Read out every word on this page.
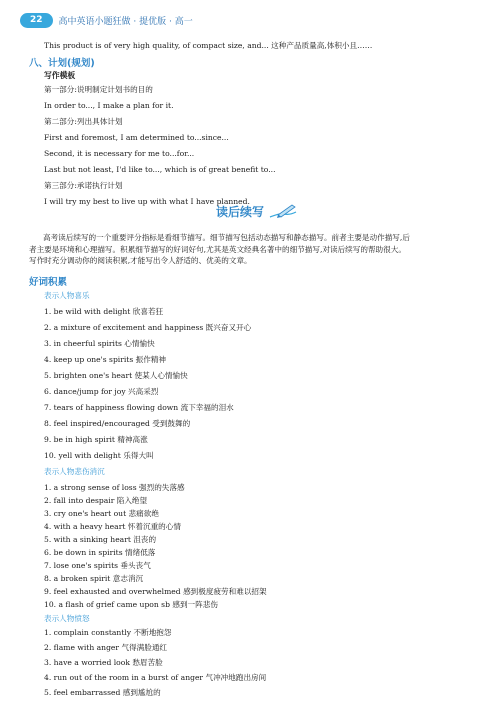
22	高中英语小题狂做 · 提优版 · 高一
This product is of very high quality, of compact size, and... 这种产品质量高,体积小且……
八、计划(规划)
写作模板
第一部分:说明制定计划书的目的
In order to..., I make a plan for it.
第二部分:列出具体计划
First and foremost, I am determined to...since...
Second, it is necessary for me to...for...
Last but not least, I'd like to..., which is of great benefit to...
第三部分:承诺执行计划
I will try my best to live up with what I have planned.
读后续写
高考读后续写的一个重要评分指标是看细节描写。细节描写包括动态描写和静态描写。前者主要是动作描写,后
者主要是环境和心理描写。积累细节描写的好词好句,尤其是英文经典名著中的细节描写,对读后续写的帮助很大。
写作时充分调动你的阅读积累,才能写出令人舒适的、优美的文章。
好词积累
表示人物喜乐
1. be wild with delight 欣喜若狂
2. a mixture of excitement and happiness 既兴奋又开心
3. in cheerful spirits 心情愉快
4. keep up one's spirits 振作精神
5. brighten one's heart 使某人心情愉快
6. dance/jump for joy 兴高采烈
7. tears of happiness flowing down 流下幸福的泪水
8. feel inspired/encouraged 受到鼓舞的
9. be in high spirit 精神高涨
10. yell with delight 乐得大叫
表示人物悲伤消沉
1. a strong sense of loss 强烈的失落感
2. fall into despair 陷入绝望
3. cry one's heart out 悲痛欲绝
4. with a heavy heart 怀着沉重的心情
5. with a sinking heart 沮丧的
6. be down in spirits 情绪低落
7. lose one's spirits 垂头丧气
8. a broken spirit 意志消沉
9. feel exhausted and overwhelmed 感到极度疲劳和难以招架
10. a flash of grief came upon sb 感到一阵悲伤
表示人物愤怒
1. complain constantly 不断地抱怨
2. flame with anger 气得满脸通红
3. have a worried look 愁眉苦脸
4. run out of the room in a burst of anger 气冲冲地跑出房间
5. feel embarrassed 感到尴尬的
